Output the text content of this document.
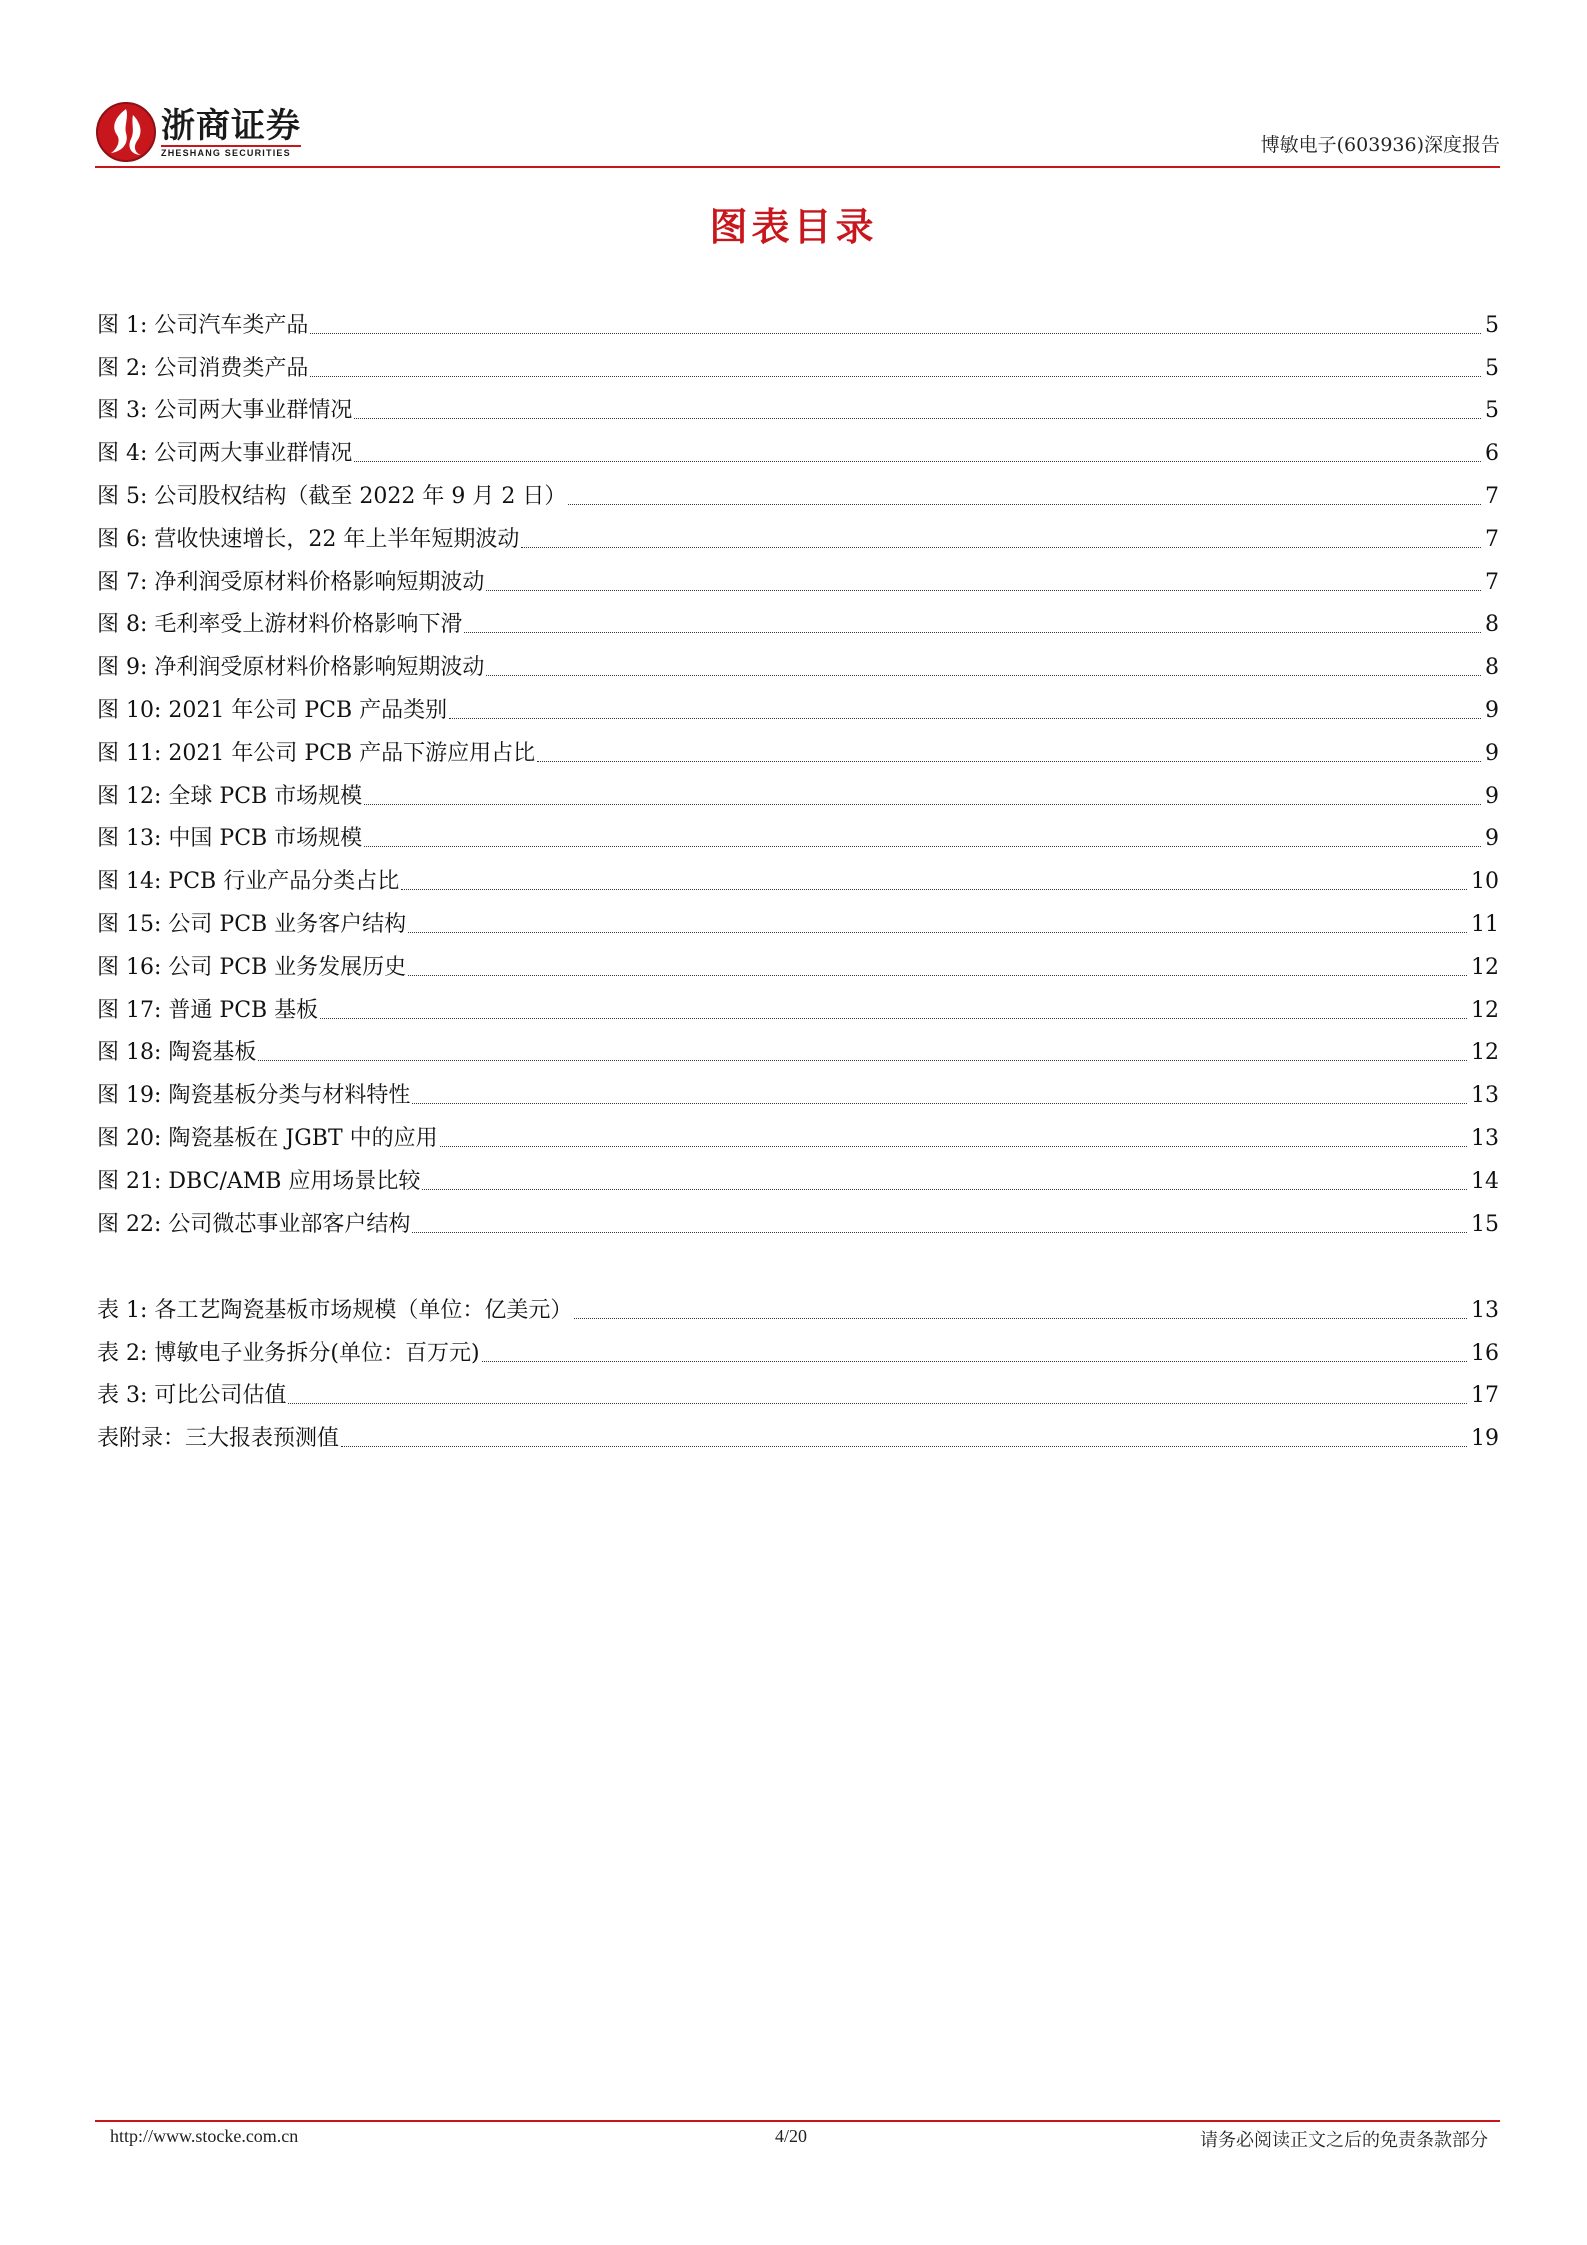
浙商证券
ZHESHANG SECURITIES	博敏电子(603936)深度报告
图表目录
图 1: 公司汽车类产品	5
图 2: 公司消费类产品	5
图 3: 公司两大事业群情况	5
图 4: 公司两大事业群情况	6
图 5: 公司股权结构（截至 2022 年 9 月 2 日）	7
图 6: 营收快速增长，22 年上半年短期波动	7
图 7: 净利润受原材料价格影响短期波动	7
图 8: 毛利率受上游材料价格影响下滑	8
图 9: 净利润受原材料价格影响短期波动	8
图 10: 2021 年公司 PCB 产品类别	9
图 11: 2021 年公司 PCB 产品下游应用占比	9
图 12: 全球 PCB 市场规模	9
图 13: 中国 PCB 市场规模	9
图 14: PCB 行业产品分类占比	10
图 15: 公司 PCB 业务客户结构	11
图 16: 公司 PCB 业务发展历史	12
图 17: 普通 PCB 基板	12
图 18: 陶瓷基板	12
图 19: 陶瓷基板分类与材料特性	13
图 20: 陶瓷基板在 JGBT 中的应用	13
图 21: DBC/AMB 应用场景比较	14
图 22: 公司微芯事业部客户结构	15
表 1: 各工艺陶瓷基板市场规模（单位：亿美元）	13
表 2: 博敏电子业务拆分(单位：百万元)	16
表 3: 可比公司估值	17
表附录：三大报表预测值	19
http://www.stocke.com.cn	4/20	请务必阅读正文之后的免责条款部分
